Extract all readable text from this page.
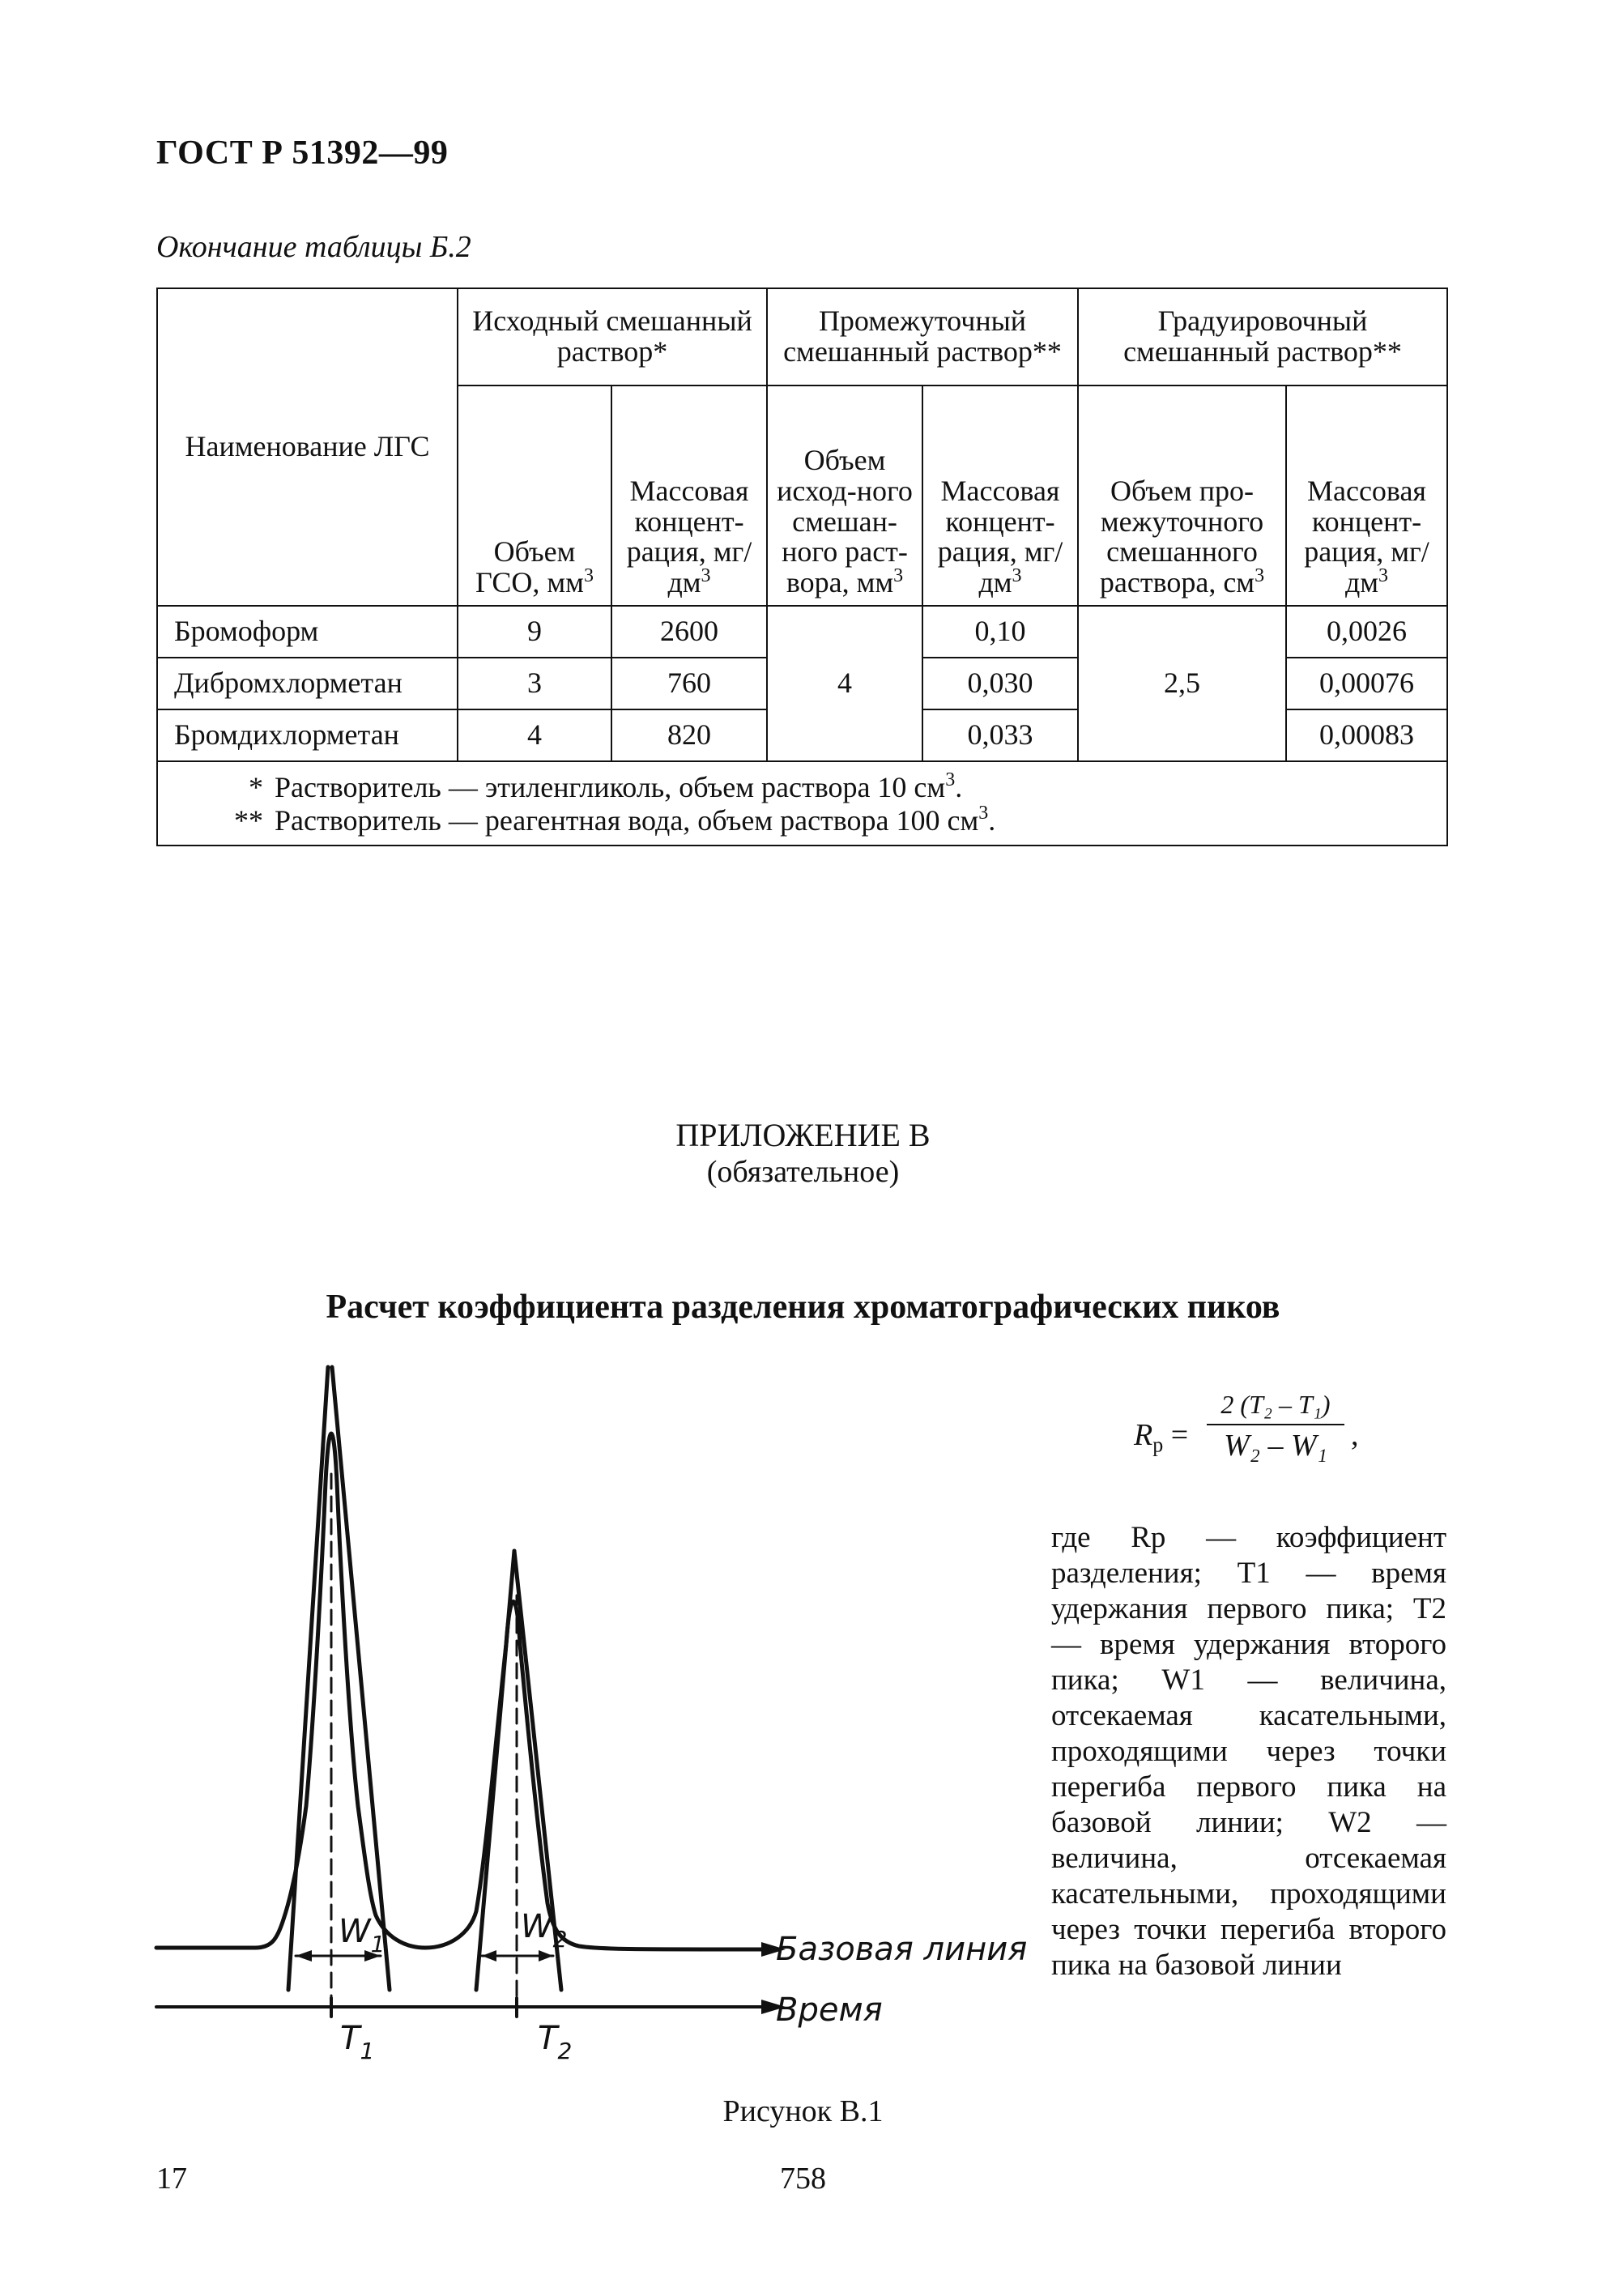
ГОСТ Р 51392—99
Окончание таблицы Б.2
Наименование ЛГС	Исходный смешанный раствор*		Промежуточный смешанный раствор**		Градуировочный смешанный раствор**	
	Объем ГСО, $мм^3$	Массовая концент-рация, $мг/дм^3$	Объем исход-ного смешан-ного раст-вора, $мм^3$	Массовая концент-рация, $мг/дм^3$	Объем про-межуточного смешанного раствора, $см^3$	Массовая концент-рация, $мг/дм^3$
Бромоформ	9	2600	4	0,10	2,5	0,0026
Дибромхлорметан	3	760		0,030		0,00076
Бромдихлорметан	4	820		0,033		0,00083

* Растворитель — этиленгликоль, объем раствора 10 $см^3$.
** Растворитель — реагентная вода, объем раствора 100 $см^3$.						
ПРИЛОЖЕНИЕ В
(обязательное)
Расчет коэффициента разделения хроматографических пиков
$W_1$	$W_2$	Базовая линия
Время
$T_1$	$T_2$
$R_р$ =
2 (T₂ – T₁)
W₂ – W₁ ,
где Rр — коэффициент разделения; T1 — время удержания первого пика; T2 — время удержания второго пика; W1 — величина, отсекаемая касательными, проходящими через точки перегиба первого пика на базовой линии; W2 — величина, отсекаемая касательными, проходящими через точки перегиба второго пика на базовой линии
Рисунок В.1
17	758
